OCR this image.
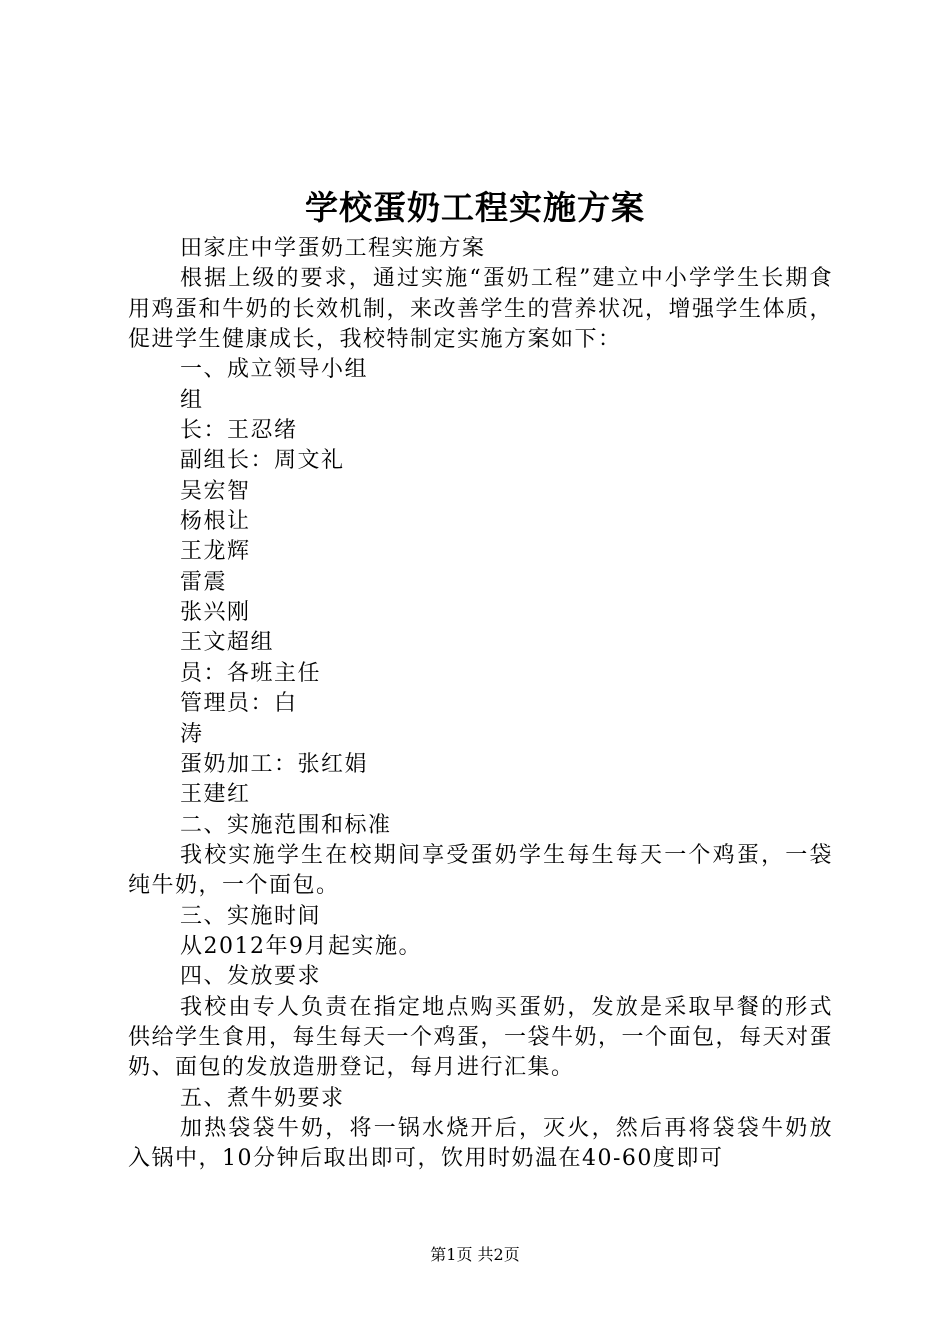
学校蛋奶工程实施方案

田家庄中学蛋奶工程实施方案

根据上级的要求，通过实施“蛋奶工程”建立中小学学生长期食用鸡蛋和牛奶的长效机制，来改善学生的营养状况，增强学生体质，促进学生健康成长，我校特制定实施方案如下：

一、成立领导小组

组

长：王忍绪

副组长：周文礼

吴宏智

杨根让

王龙辉

雷震

张兴刚

王文超组

员：各班主任

管理员：白

涛

蛋奶加工：张红娟

王建红

二、实施范围和标准

我校实施学生在校期间享受蛋奶学生每生每天一个鸡蛋，一袋纯牛奶，一个面包。

三、实施时间

从2012年9月起实施。

四、发放要求

我校由专人负责在指定地点购买蛋奶，发放是采取早餐的形式供给学生食用，每生每天一个鸡蛋，一袋牛奶，一个面包，每天对蛋奶、面包的发放造册登记，每月进行汇集。

五、煮牛奶要求

加热袋袋牛奶，将一锅水烧开后，灭火，然后再将袋袋牛奶放入锅中，10分钟后取出即可，饮用时奶温在40-60度即可

第1页 共2页
